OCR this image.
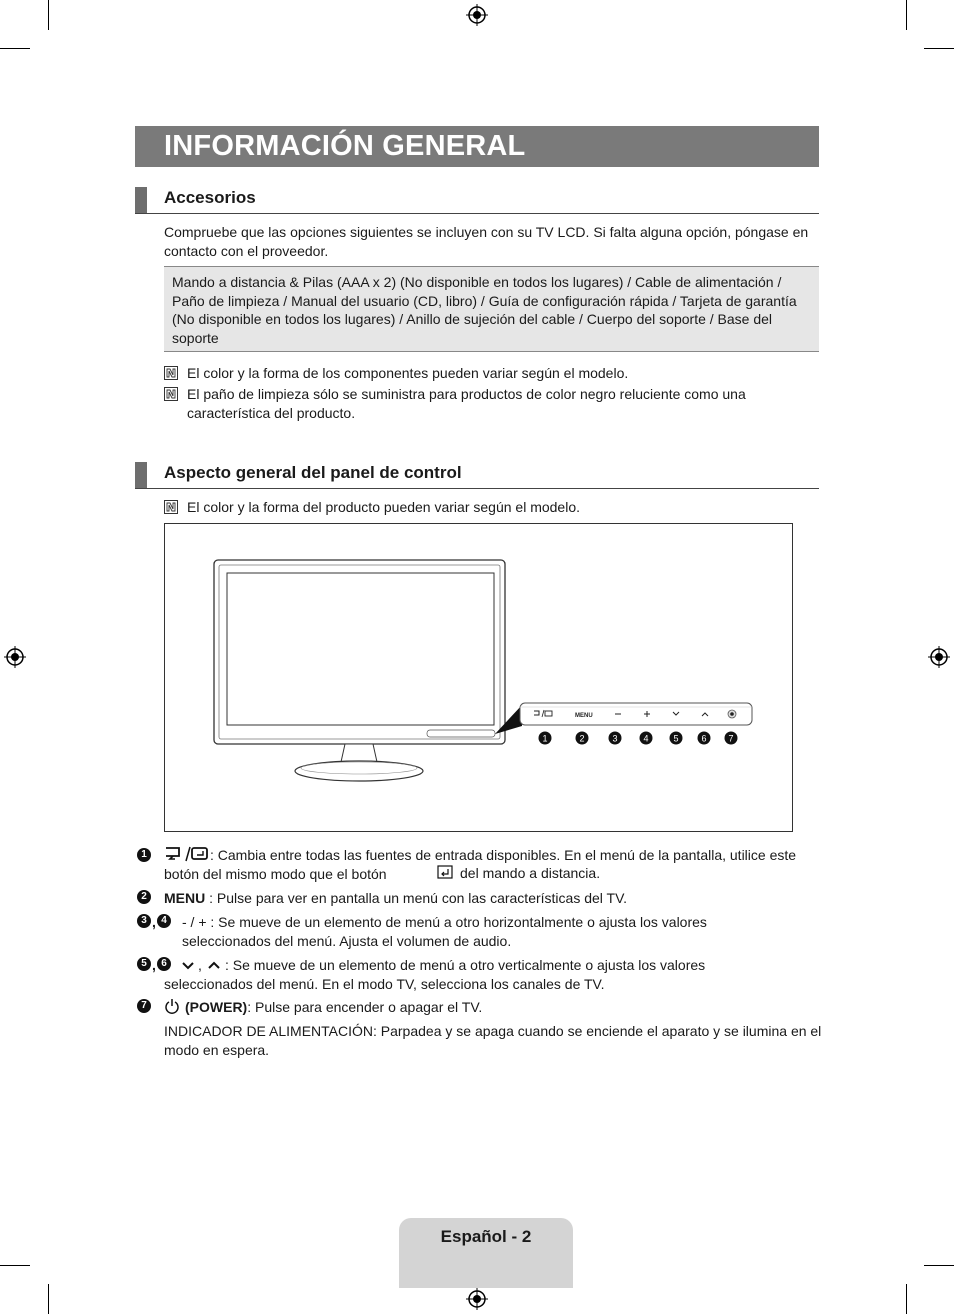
INFORMACIÓN GENERAL
Accesorios
Compruebe que las opciones siguientes se incluyen con su TV LCD. Si falta alguna opción, póngase en contacto con el proveedor.
Mando a distancia & Pilas (AAA x 2) (No disponible en todos los lugares) / Cable de alimentación / Paño de limpieza / Manual del usuario (CD, libro) / Guía de configuración rápida / Tarjeta de garantía (No disponible en todos los lugares) / Anillo de sujeción del cable / Cuerpo del soporte / Base del soporte
El color y la forma de los componentes pueden variar según el modelo.
El paño de limpieza sólo se suministra para productos de color negro reluciente como una característica del producto.
Aspecto general del panel de control
El color y la forma del producto pueden variar según el modelo.
MENU
1	2	3	4	5	6 7
1	: Cambia entre todas las fuentes de entrada disponibles. En el menú de la pantalla, utilice este botón del mismo modo que el botón	del mando a distancia.
2	MENU : Pulse para ver en pantalla un menú con las características del TV.
3 , 4	- / + : Se mueve de un elemento de menú a otro horizontalmente o ajusta los valores seleccionados del menú. Ajusta el volumen de audio.
5 , 6	,	: Se mueve de un elemento de menú a otro verticalmente o ajusta los valores seleccionados del menú. En el modo TV, selecciona los canales de TV.
7	(POWER): Pulse para encender o apagar el TV.
INDICADOR DE ALIMENTACIÓN: Parpadea y se apaga cuando se enciende el aparato y se ilumina en el modo en espera.
Español - 2
